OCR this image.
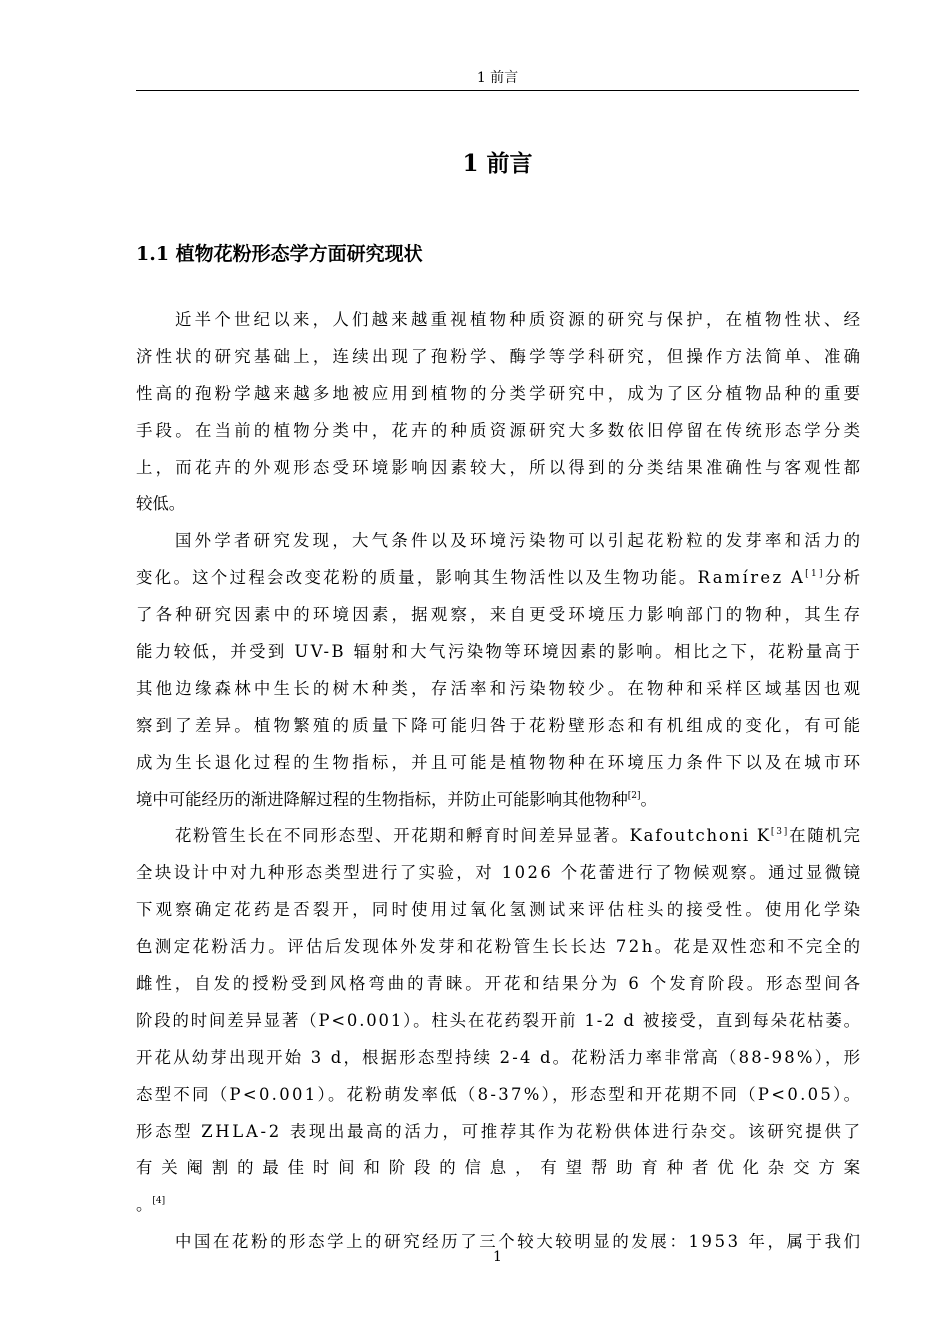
1 前言
1 前言
1.1 植物花粉形态学方面研究现状
近半个世纪以来，人们越来越重视植物种质资源的研究与保护，在植物性状、经
济性状的研究基础上，连续出现了孢粉学、酶学等学科研究，但操作方法简单、准确
性高的孢粉学越来越多地被应用到植物的分类学研究中，成为了区分植物品种的重要
手段。在当前的植物分类中，花卉的种质资源研究大多数依旧停留在传统形态学分类
上，而花卉的外观形态受环境影响因素较大，所以得到的分类结果准确性与客观性都
较低。
国外学者研究发现，大气条件以及环境污染物可以引起花粉粒的发芽率和活力的
变化。这个过程会改变花粉的质量，影响其生物活性以及生物功能。Ramírez A[1]分析
了各种研究因素中的环境因素，据观察，来自更受环境压力影响部门的物种，其生存
能力较低，并受到 UV-B 辐射和大气污染物等环境因素的影响。相比之下，花粉量高于
其他边缘森林中生长的树木种类，存活率和污染物较少。在物种和采样区域基因也观
察到了差异。植物繁殖的质量下降可能归咎于花粉壁形态和有机组成的变化，有可能
成为生长退化过程的生物指标，并且可能是植物物种在环境压力条件下以及在城市环
境中可能经历的渐进降解过程的生物指标，并防止可能影响其他物种[2]。
花粉管生长在不同形态型、开花期和孵育时间差异显著。Kafoutchoni K[3]在随机完
全块设计中对九种形态类型进行了实验，对 1026 个花蕾进行了物候观察。通过显微镜
下观察确定花药是否裂开，同时使用过氧化氢测试来评估柱头的接受性。使用化学染
色测定花粉活力。评估后发现体外发芽和花粉管生长长达 72h。花是双性恋和不完全的
雌性，自发的授粉受到风格弯曲的青睐。开花和结果分为 6 个发育阶段。形态型间各
阶段的时间差异显著（P<0.001）。柱头在花药裂开前 1-2 d 被接受，直到每朵花枯萎。
开花从幼芽出现开始 3 d，根据形态型持续 2-4 d。花粉活力率非常高（88-98%），形
态型不同（P<0.001）。花粉萌发率低（8-37%），形态型和开花期不同（P<0.05）。
形态型 ZHLA-2 表现出最高的活力，可推荐其作为花粉供体进行杂交。该研究提供了
有关阉割的最佳时间和阶段的信息，有望帮助育种者优化杂交方案
。[4]
中国在花粉的形态学上的研究经历了三个较大较明显的发展：1953 年，属于我们
1
